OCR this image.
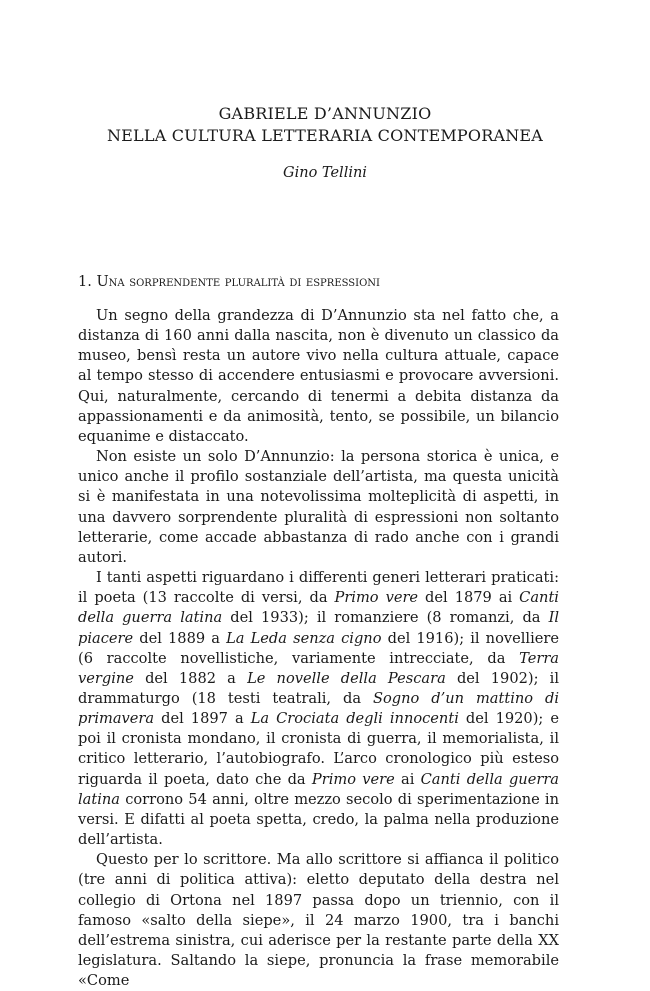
GABRIELE D’ANNUNZIO
NELLA CULTURA LETTERARIA CONTEMPORANEA
Gino Tellini
1. Una sorprendente pluralità di espressioni

Un segno della grandezza di D’Annunzio sta nel fatto che, a distanza di 160 anni dalla nascita, non è divenuto un classico da museo, bensì resta un autore vivo nella cultura attuale, capace al tempo stesso di accendere entusiasmi e provocare avversioni. Qui, naturalmente, cercando di tenermi a debita distanza da appassionamenti e da animosità, tento, se possibile, un bilancio equanime e distaccato.

Non esiste un solo D’Annunzio: la persona storica è unica, e unico anche il profilo sostanziale dell’artista, ma questa unicità si è manifestata in una notevolissima molteplicità di aspetti, in una davvero sorprendente pluralità di espressioni non soltanto letterarie, come accade abbastanza di rado anche con i grandi autori.

I tanti aspetti riguardano i differenti generi letterari praticati: il poeta (13 raccolte di versi, da Primo vere del 1879 ai Canti della guerra latina del 1933); il romanziere (8 romanzi, da Il piacere del 1889 a La Leda senza cigno del 1916); il novelliere (6 raccolte novellistiche, variamente intrecciate, da Terra vergine del 1882 a Le novelle della Pescara del 1902); il drammaturgo (18 testi teatrali, da Sogno d’un mattino di primavera del 1897 a La Crociata degli innocenti del 1920); e poi il cronista mondano, il cronista di guerra, il memorialista, il critico letterario, l’autobiografo. L’arco cronologico più esteso riguarda il poeta, dato che da Primo vere ai Canti della guerra latina corrono 54 anni, oltre mezzo secolo di sperimentazione in versi. E difatti al poeta spetta, credo, la palma nella produzione dell’artista.

Questo per lo scrittore. Ma allo scrittore si affianca il politico (tre anni di politica attiva): eletto deputato della destra nel collegio di Ortona nel 1897 passa dopo un triennio, con il famoso «salto della siepe», il 24 marzo 1900, tra i banchi dell’estrema sinistra, cui aderisce per la restante parte della XX legislatura. Saltando la siepe, pronuncia la frase memorabile «Come
